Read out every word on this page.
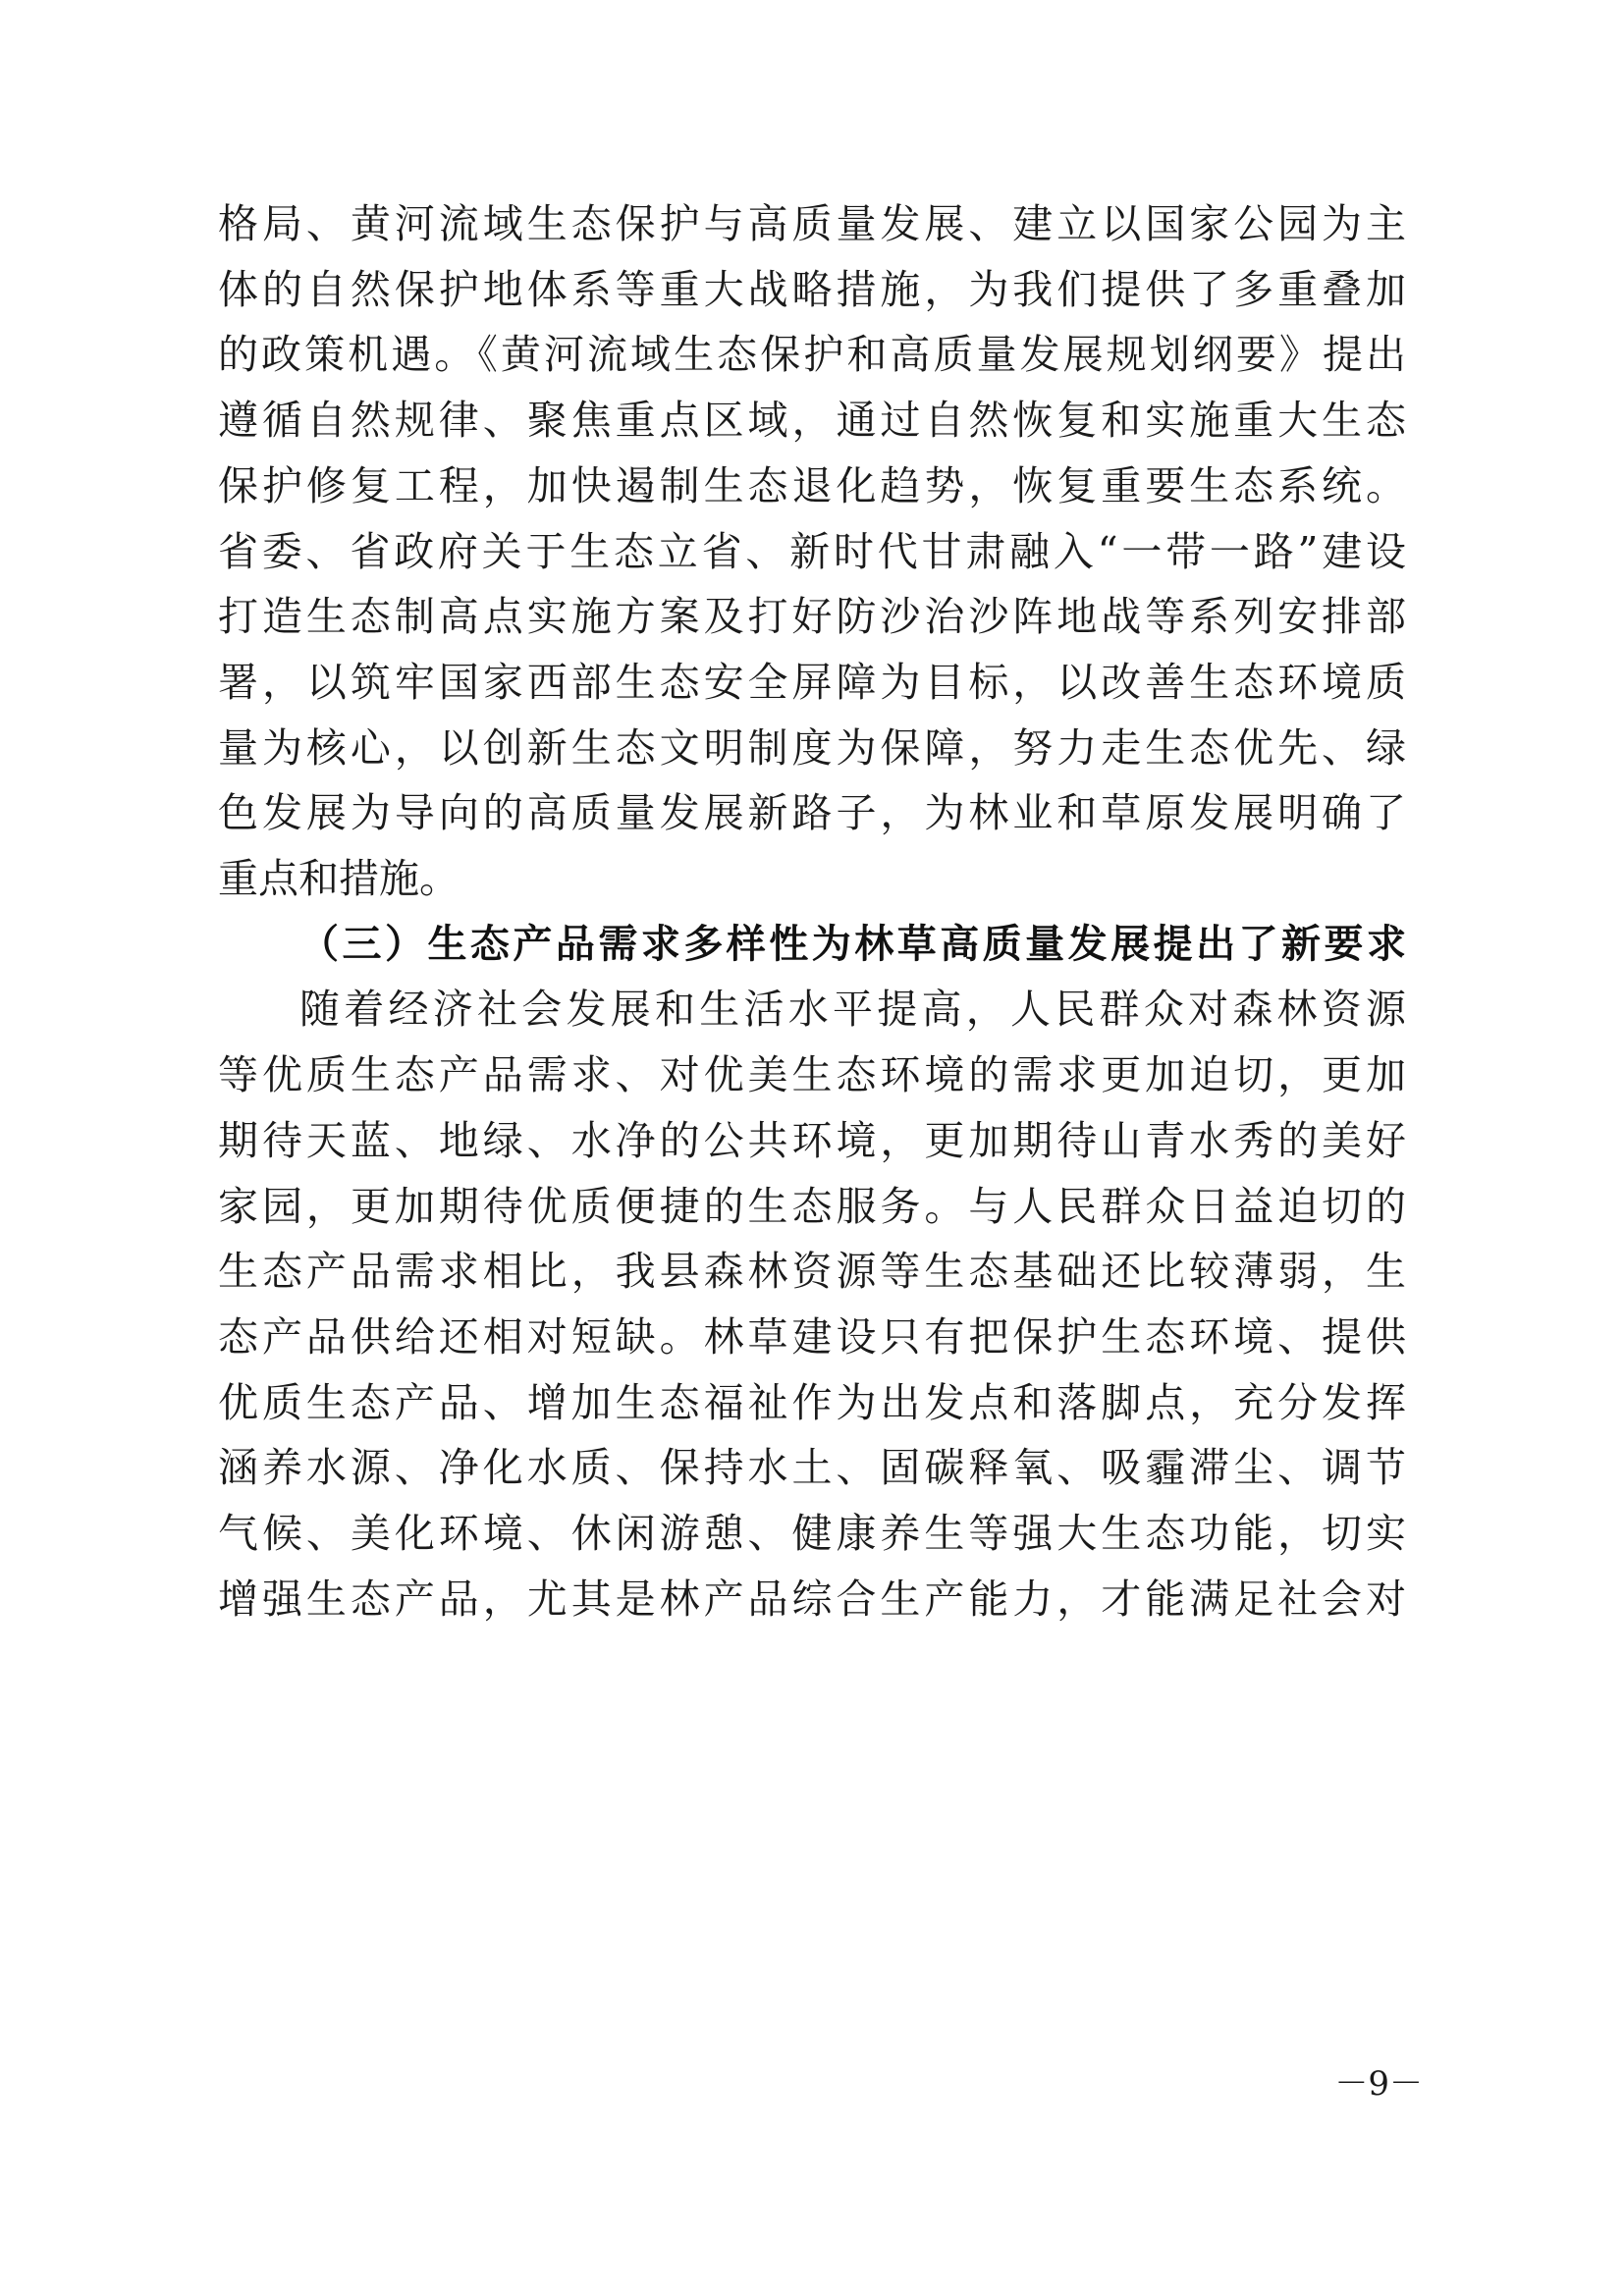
格局、黄河流域生态保护与高质量发展、建立以国家公园为主
体的自然保护地体系等重大战略措施，为我们提供了多重叠加
的政策机遇。《黄河流域生态保护和高质量发展规划纲要》提出
遵循自然规律、聚焦重点区域，通过自然恢复和实施重大生态
保护修复工程，加快遏制生态退化趋势，恢复重要生态系统。
省委、省政府关于生态立省、新时代甘肃融入“一带一路”建设
打造生态制高点实施方案及打好防沙治沙阵地战等系列安排部
署，以筑牢国家西部生态安全屏障为目标，以改善生态环境质
量为核心，以创新生态文明制度为保障，努力走生态优先、绿
色发展为导向的高质量发展新路子，为林业和草原发展明确了
重点和措施。
（三）生态产品需求多样性为林草高质量发展提出了新要求
随着经济社会发展和生活水平提高，人民群众对森林资源
等优质生态产品需求、对优美生态环境的需求更加迫切，更加
期待天蓝、地绿、水净的公共环境，更加期待山青水秀的美好
家园，更加期待优质便捷的生态服务。与人民群众日益迫切的
生态产品需求相比，我县森林资源等生态基础还比较薄弱，生
态产品供给还相对短缺。林草建设只有把保护生态环境、提供
优质生态产品、增加生态福祉作为出发点和落脚点，充分发挥
涵养水源、净化水质、保持水土、固碳释氧、吸霾滞尘、调节
气候、美化环境、休闲游憩、健康养生等强大生态功能，切实
增强生态产品，尤其是林产品综合生产能力，才能满足社会对
－9－
